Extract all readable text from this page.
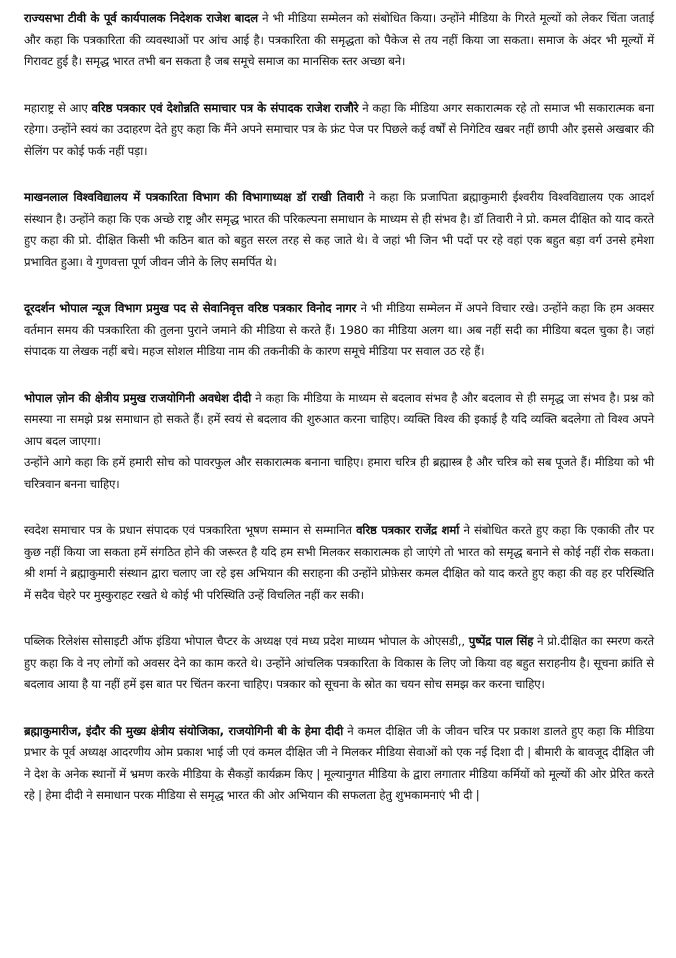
राज्यसभा टीवी के पूर्व कार्यपालक निदेशक राजेश बादल ने भी मीडिया सम्मेलन को संबोधित किया। उन्होंने मीडिया के गिरते मूल्यों को लेकर चिंता जताई और कहा कि पत्रकारिता की व्यवस्थाओं पर आंच आई है। पत्रकारिता की समृद्धता को पैकेज से तय नहीं किया जा सकता। समाज के अंदर भी मूल्यों में गिरावट हुई है। समृद्ध भारत तभी बन सकता है जब समूचे समाज का मानसिक स्तर अच्छा बने।

महाराष्ट्र से आए वरिष्ठ पत्रकार एवं देशोन्नति समाचार पत्र के संपादक राजेश राजौरे ने कहा कि मीडिया अगर सकारात्मक रहे तो समाज भी सकारात्मक बना रहेगा। उन्होंने स्वयं का उदाहरण देते हुए कहा कि मैंने अपने समाचार पत्र के फ्रंट पेज पर पिछले कई वर्षों से निगेटिव खबर नहीं छापी और इससे अखबार की सेलिंग पर कोई फर्क नहीं पड़ा।

माखनलाल विश्वविद्यालय में पत्रकारिता विभाग की विभागाध्यक्ष डॉ राखी तिवारी ने कहा कि प्रजापिता ब्रह्माकुमारी ईश्वरीय विश्वविद्यालय एक आदर्श संस्थान है। उन्होंने कहा कि एक अच्छे राष्ट्र और समृद्ध भारत की परिकल्पना समाधान के माध्यम से ही संभव है। डॉ तिवारी ने प्रो. कमल दीक्षित को याद करते हुए कहा की प्रो. दीक्षित किसी भी कठिन बात को बहुत सरल तरह से कह जाते थे। वे जहां भी जिन भी पदों पर रहे वहां एक बहुत बड़ा वर्ग उनसे हमेशा प्रभावित हुआ। वे गुणवत्ता पूर्ण जीवन जीने के लिए समर्पित थे।

दूरदर्शन भोपाल न्यूज विभाग प्रमुख पद से सेवानिवृत्त वरिष्ठ पत्रकार विनोद नागर ने भी मीडिया सम्मेलन में अपने विचार रखे। उन्होंने कहा कि हम अक्सर वर्तमान समय की पत्रकारिता की तुलना पुराने जमाने की मीडिया से करते हैं। 1980 का मीडिया अलग था। अब नहीं सदी का मीडिया बदल चुका है। जहां संपादक या लेखक नहीं बचे। महज सोशल मीडिया नाम की तकनीकी के कारण समूचे मीडिया पर सवाल उठ रहे हैं।

भोपाल ज़ोन की क्षेत्रीय प्रमुख राजयोगिनी अवधेश दीदी ने कहा कि मीडिया के माध्यम से बदलाव संभव है और बदलाव से ही समृद्ध जा संभव है। प्रश्न को समस्या ना समझे प्रश्न समाधान हो सकते हैं। हमें स्वयं से बदलाव की शुरुआत करना चाहिए। व्यक्ति विश्व की इकाई है यदि व्यक्ति बदलेगा तो विश्व अपने आप बदल जाएगा।
उन्होंने आगे कहा कि हमें हमारी सोच को पावरफुल और सकारात्मक बनाना चाहिए। हमारा चरित्र ही ब्रह्मास्त्र है और चरित्र को सब पूजते हैं। मीडिया को भी चरित्रवान बनना चाहिए।

स्वदेश समाचार पत्र के प्रधान संपादक एवं पत्रकारिता भूषण सम्मान से सम्मानित वरिष्ठ पत्रकार राजेंद्र शर्मा ने संबोधित करते हुए कहा कि एकाकी तौर पर कुछ नहीं किया जा सकता हमें संगठित होने की जरूरत है यदि हम सभी मिलकर सकारात्मक हो जाएंगे तो भारत को समृद्ध बनाने से कोई नहीं रोक सकता। श्री शर्मा ने ब्रह्माकुमारी संस्थान द्वारा चलाए जा रहे इस अभियान की सराहना की उन्होंने प्रोफ़ेसर कमल दीक्षित को याद करते हुए कहा की वह हर परिस्थिति में सदैव चेहरे पर मुस्कुराहट रखते थे कोई भी परिस्थिति उन्हें विचलित नहीं कर सकी।

पब्लिक रिलेशंस सोसाइटी ऑफ इंडिया भोपाल चैप्टर के अध्यक्ष एवं मध्य प्रदेश माध्यम भोपाल के ओएसडी,, पुष्पेंद्र पाल सिंह ने प्रो.दीक्षित का स्मरण करते हुए कहा कि वे नए लोगों को अवसर देने का काम करते थे। उन्होंने आंचलिक पत्रकारिता के विकास के लिए जो किया वह बहुत सराहनीय है। सूचना क्रांति से बदलाव आया है या नहीं हमें इस बात पर चिंतन करना चाहिए। पत्रकार को सूचना के स्रोत का चयन सोच समझ कर करना चाहिए।

ब्रह्माकुमारीज, इंदौर की मुख्य क्षेत्रीय संयोजिका, राजयोगिनी बी के हेमा दीदी ने कमल दीक्षित जी के जीवन चरित्र पर प्रकाश डालते हुए कहा कि मीडिया प्रभार के पूर्व अध्यक्ष आदरणीय ओम प्रकाश भाई जी एवं कमल दीक्षित जी ने मिलकर मीडिया सेवाओं को एक नई दिशा दी | बीमारी के बावजूद दीक्षित जी ने देश के अनेक स्थानों में भ्रमण करके मीडिया के सैकड़ों कार्यक्रम किए | मूल्यानुगत मीडिया के द्वारा लगातार मीडिया कर्मियों को मूल्यों की ओर प्रेरित करते रहे | हेमा दीदी ने समाधान परक मीडिया से समृद्ध भारत की ओर अभियान की सफलता हेतु शुभकामनाएं भी दी |
